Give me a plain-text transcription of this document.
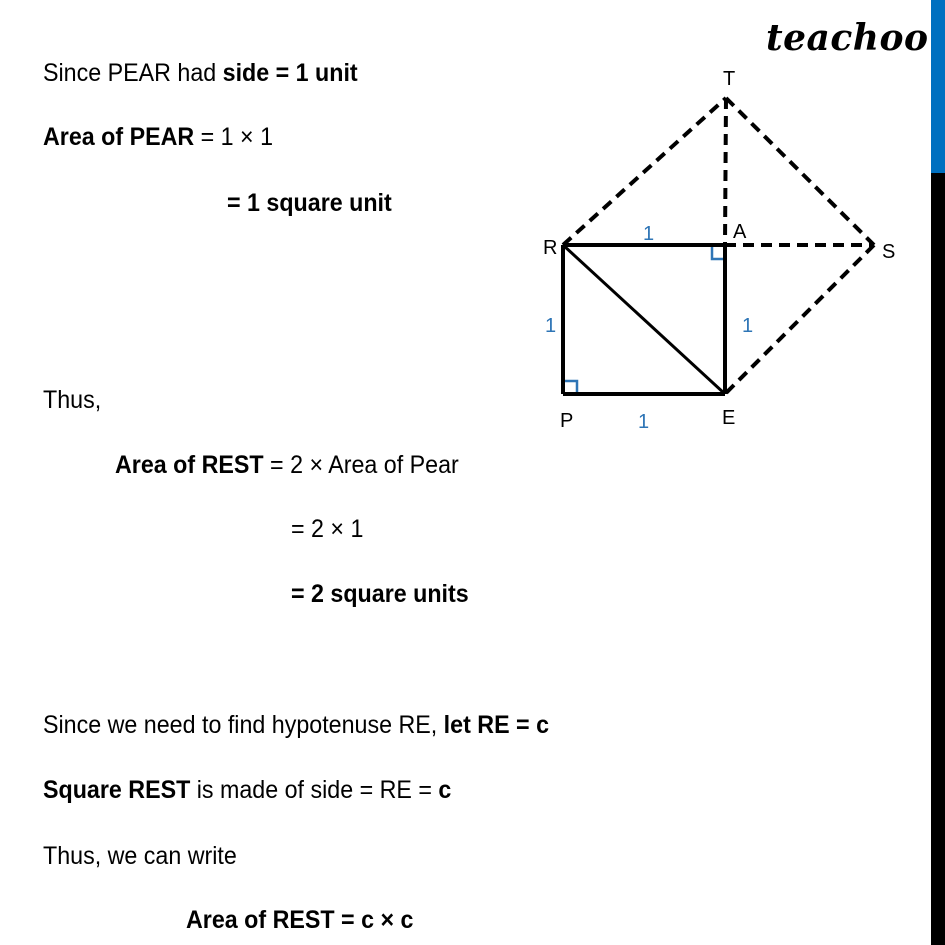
teachoo
Since PEAR had side = 1 unit
Area of PEAR = 1 × 1
= 1 square unit
Thus,
Area of REST = 2 × Area of Pear
= 2 × 1
= 2 square units
Since we need to find hypotenuse RE, let RE = c
Square REST is made of side = RE = c
Thus, we can write
Area of REST = c × c
T
R
A
S
P	E
1
1	1
1
